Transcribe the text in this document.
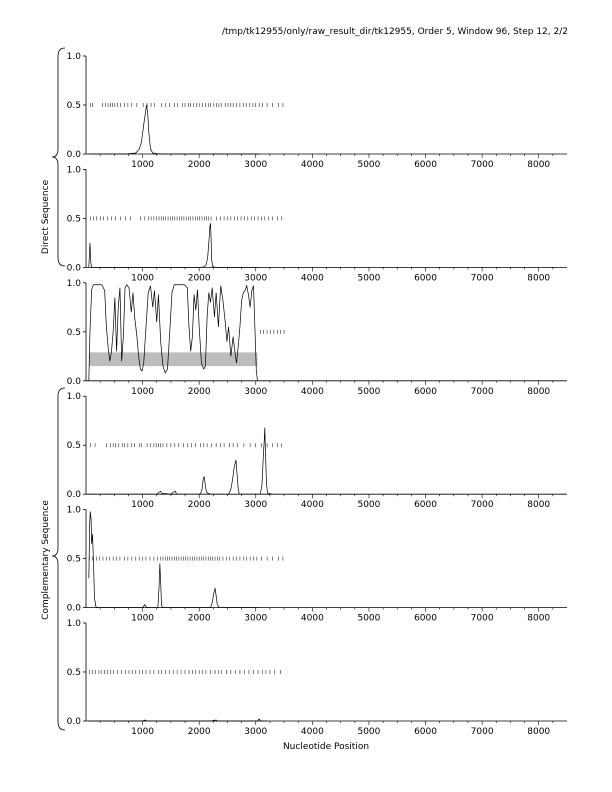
/tmp/tk12955/only/raw_result_dir/tk12955, Order 5, Window 96, Step 12, 2/2
0.0
0.5
1.0
1000	2000	3000	4000	5000	6000	7000	8000
0.0
0.5
1.0
1000	2000	3000	4000	5000	6000	7000	8000
0.0
0.5
1.0
1000	2000	3000	4000	5000	6000	7000	8000
0.0
0.5
1.0
1000	2000	3000	4000	5000	6000	7000	8000
0.0
0.5
1.0
1000	2000	3000	4000	5000	6000	7000	8000
0.0
0.5
1.0
1000	2000	3000	4000	5000	6000	7000	8000
Direct Sequence
Complementary Sequence
Nucleotide Position
